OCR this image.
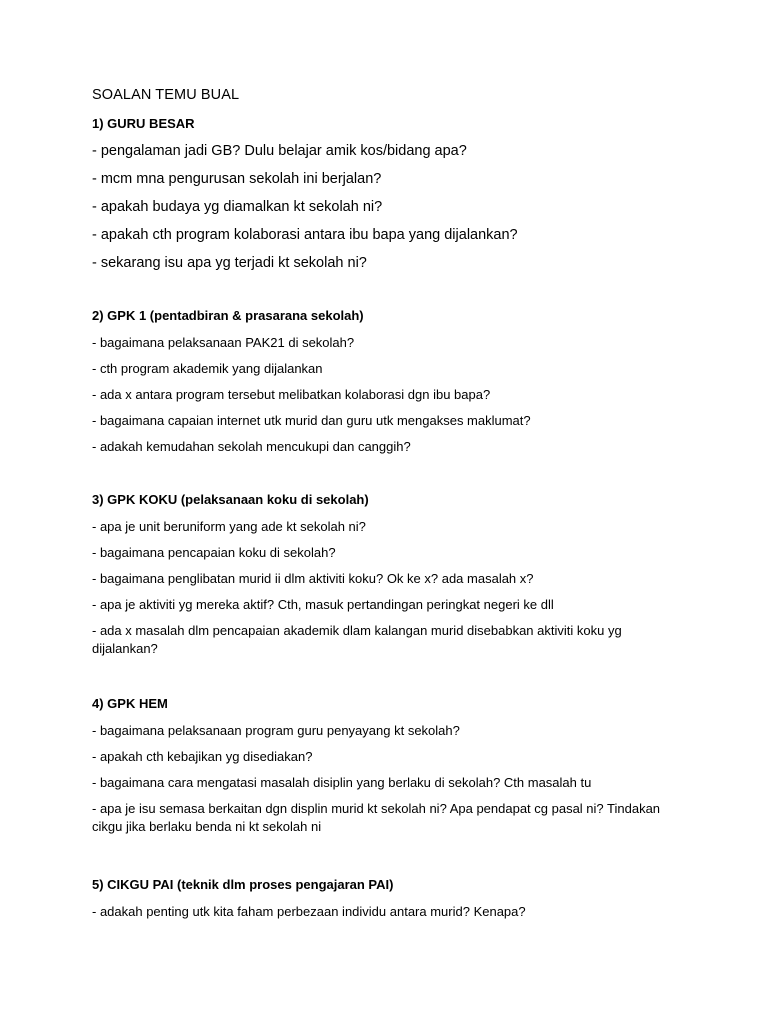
SOALAN TEMU BUAL

1) GURU BESAR

- pengalaman jadi GB? Dulu belajar amik kos/bidang apa?

- mcm mna pengurusan sekolah ini berjalan?

- apakah budaya yg diamalkan kt sekolah ni?

- apakah cth program kolaborasi antara ibu bapa yang dijalankan?

- sekarang isu apa yg terjadi kt sekolah ni?

2) GPK 1 (pentadbiran & prasarana sekolah)

- bagaimana pelaksanaan PAK21 di sekolah?

- cth program akademik yang dijalankan

- ada x antara program tersebut melibatkan kolaborasi dgn ibu bapa?

- bagaimana capaian internet utk murid dan guru utk mengakses maklumat?

- adakah kemudahan sekolah mencukupi dan canggih?

3) GPK KOKU (pelaksanaan koku di sekolah)

- apa je unit beruniform yang ade kt sekolah ni?

- bagaimana pencapaian koku di sekolah?

- bagaimana penglibatan murid ii dlm aktiviti koku? Ok ke x? ada masalah x?

- apa je aktiviti yg mereka aktif? Cth, masuk pertandingan peringkat negeri ke dll

- ada x masalah dlm pencapaian akademik dlam kalangan murid disebabkan aktiviti koku yg dijalankan?

4) GPK HEM

- bagaimana pelaksanaan program guru penyayang kt sekolah?

- apakah cth kebajikan yg disediakan?

- bagaimana cara mengatasi masalah disiplin yang berlaku di sekolah? Cth masalah tu

- apa je isu semasa berkaitan dgn displin murid kt sekolah ni? Apa pendapat cg pasal ni? Tindakan cikgu jika berlaku benda ni kt sekolah ni

5) CIKGU PAI (teknik dlm proses pengajaran PAI)

- adakah penting utk kita faham perbezaan individu antara murid? Kenapa?
